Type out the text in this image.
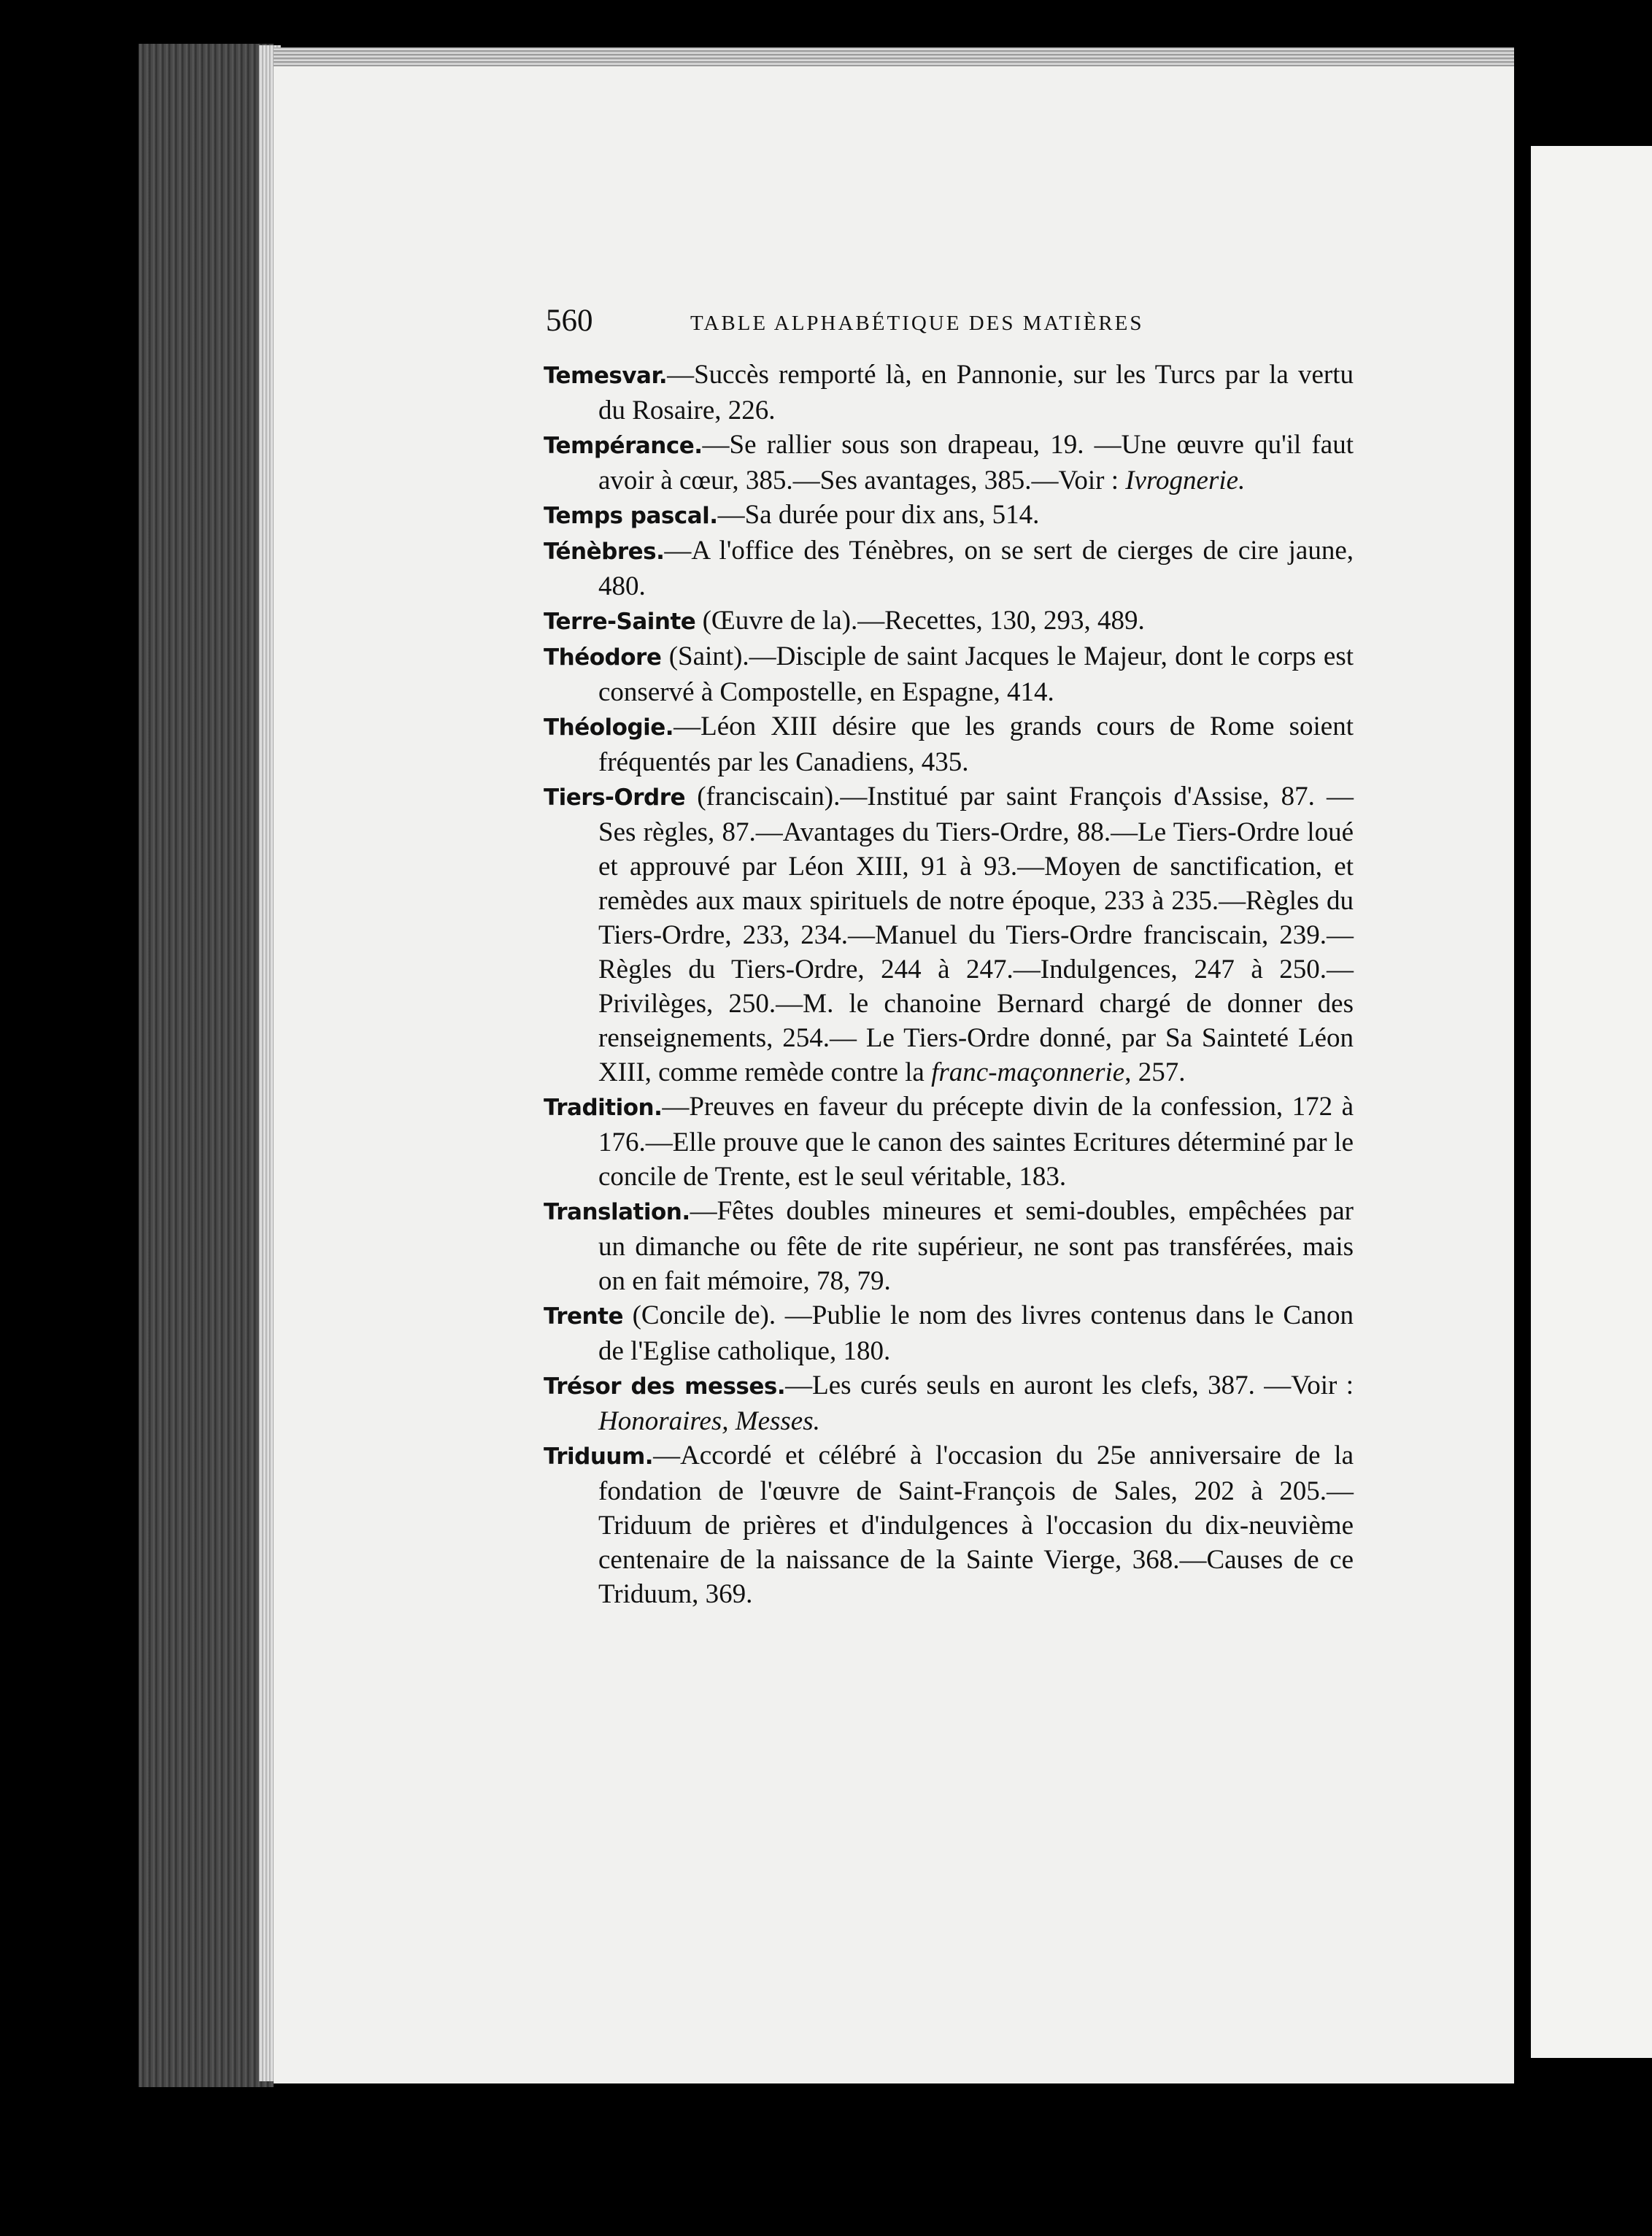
560	TABLE ALPHABÉTIQUE DES MATIÈRES

Temesvar.—Succès remporté là, en Pannonie, sur les Turcs par la vertu du Rosaire, 226.

Tempérance.—Se rallier sous son drapeau, 19. —Une œuvre qu'il faut avoir à cœur, 385.—Ses avantages, 385.—Voir : Ivrognerie.

Temps pascal.—Sa durée pour dix ans, 514.

Ténèbres.—A l'office des Ténèbres, on se sert de cierges de cire jaune, 480.

Terre-Sainte (Œuvre de la).—Recettes, 130, 293, 489.

Théodore (Saint).—Disciple de saint Jacques le Majeur, dont le corps est conservé à Compostelle, en Espagne, 414.

Théologie.—Léon XIII désire que les grands cours de Rome soient fréquentés par les Canadiens, 435.

Tiers-Ordre (franciscain).—Institué par saint François d'Assise, 87. —Ses règles, 87.—Avantages du Tiers-Ordre, 88.—Le Tiers-Ordre loué et approuvé par Léon XIII, 91 à 93.—Moyen de sanctification, et remèdes aux maux spirituels de notre époque, 233 à 235.—Règles du Tiers-Ordre, 233, 234.—Manuel du Tiers-Ordre franciscain, 239.—Règles du Tiers-Ordre, 244 à 247.—Indulgences, 247 à 250.—Privilèges, 250.—M. le chanoine Bernard chargé de donner des renseignements, 254.— Le Tiers-Ordre donné, par Sa Sainteté Léon XIII, comme remède contre la franc-maçonnerie, 257.

Tradition.—Preuves en faveur du précepte divin de la confession, 172 à 176.—Elle prouve que le canon des saintes Ecritures déterminé par le concile de Trente, est le seul véritable, 183.

Translation.—Fêtes doubles mineures et semi-doubles, empêchées par un dimanche ou fête de rite supérieur, ne sont pas transférées, mais on en fait mémoire, 78, 79.

Trente (Concile de). —Publie le nom des livres contenus dans le Canon de l'Eglise catholique, 180.

Trésor des messes.—Les curés seuls en auront les clefs, 387. —Voir : Honoraires, Messes.

Triduum.—Accordé et célébré à l'occasion du 25e anniversaire de la fondation de l'œuvre de Saint-François de Sales, 202 à 205.—Triduum de prières et d'indulgences à l'occasion du dix-neuvième centenaire de la naissance de la Sainte Vierge, 368.—Causes de ce Triduum, 369.
